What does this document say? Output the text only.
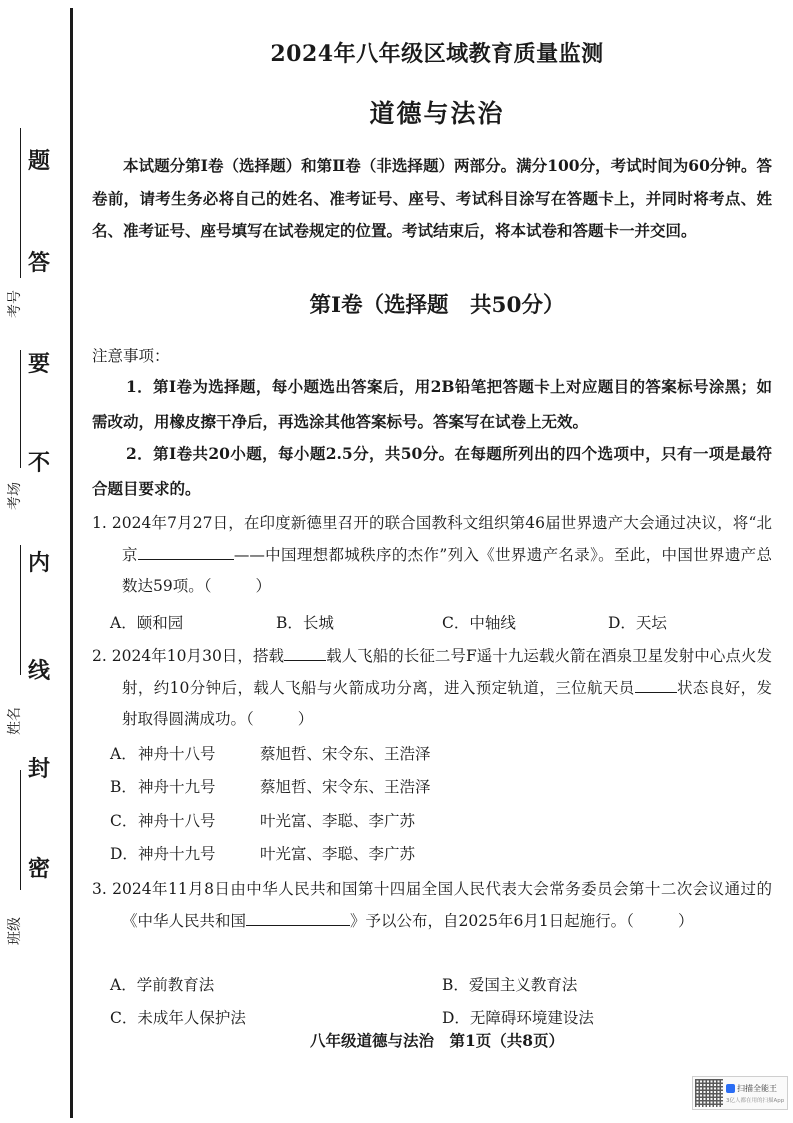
题
答
要
不
内
线
封
密
考号
考场
姓名
班级
2024年八年级区域教育质量监测
道德与法治
本试题分第Ⅰ卷（选择题）和第Ⅱ卷（非选择题）两部分。满分100分，考试时间为60分钟。答卷前，请考生务必将自己的姓名、准考证号、座号、考试科目涂写在答题卡上，并同时将考点、姓名、准考证号、座号填写在试卷规定的位置。考试结束后，将本试卷和答题卡一并交回。
第Ⅰ卷（选择题　共50分）
注意事项：
1．第Ⅰ卷为选择题，每小题选出答案后，用2B铅笔把答题卡上对应题目的答案标号涂黑；如需改动，用橡皮擦干净后，再选涂其他答案标号。答案写在试卷上无效。
2．第Ⅰ卷共20小题，每小题2.5分，共50分。在每题所列出的四个选项中，只有一项是最符合题目要求的。
1. 2024年7月27日，在印度新德里召开的联合国教科文组织第46届世界遗产大会通过决议，将“北京	——中国理想都城秩序的杰作”列入《世界遗产名录》。至此，中国世界遗产总数达59项。（	）
A．颐和园	B．长城	C．中轴线	D．天坛
2. 2024年10月30日，搭载	载人飞船的长征二号F遥十九运载火箭在酒泉卫星发射中心点火发射，约10分钟后，载人飞船与火箭成功分离，进入预定轨道，三位航天员	状态良好，发射取得圆满成功。（	）
A．神舟十八号	蔡旭哲、宋令东、王浩泽
B．神舟十九号	蔡旭哲、宋令东、王浩泽
C．神舟十八号	叶光富、李聪、李广苏
D．神舟十九号	叶光富、李聪、李广苏
3. 2024年11月8日由中华人民共和国第十四届全国人民代表大会常务委员会第十二次会议通过的《中华人民共和国	》予以公布，自2025年6月1日起施行。（	）
A．学前教育法	B．爱国主义教育法
C．未成年人保护法	D．无障碍环境建设法
八年级道德与法治　第1页（共8页）
扫描全能王
3亿人都在用的扫描App
